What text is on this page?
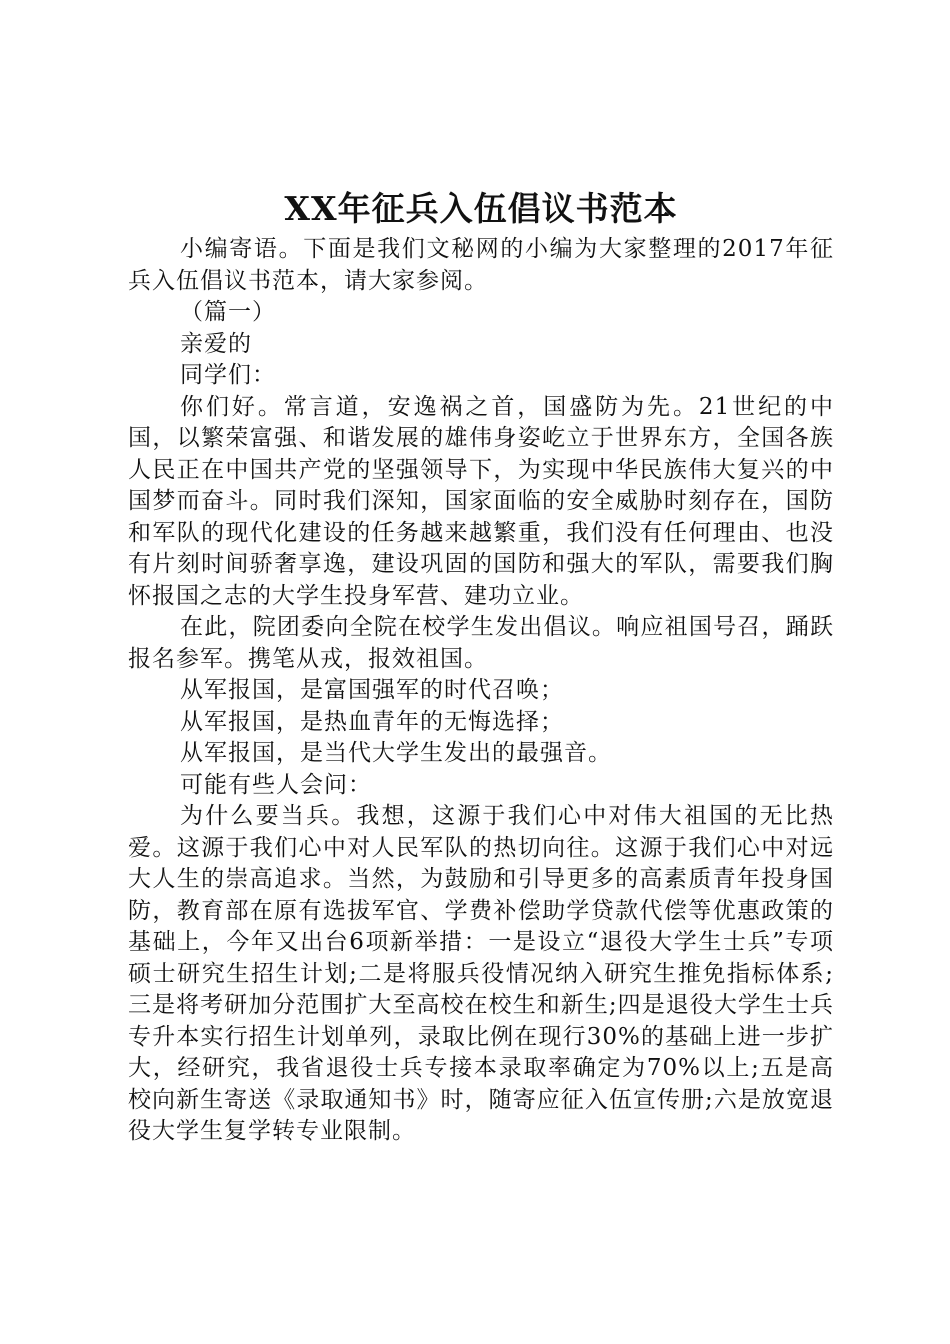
XX年征兵入伍倡议书范本

小编寄语。下面是我们文秘网的小编为大家整理的2017年征兵入伍倡议书范本，请大家参阅。

（篇一）

亲爱的

同学们：

你们好。常言道，安逸祸之首，国盛防为先。21世纪的中国，以繁荣富强、和谐发展的雄伟身姿屹立于世界东方，全国各族人民正在中国共产党的坚强领导下，为实现中华民族伟大复兴的中国梦而奋斗。同时我们深知，国家面临的安全威胁时刻存在，国防和军队的现代化建设的任务越来越繁重，我们没有任何理由、也没有片刻时间骄奢享逸，建设巩固的国防和强大的军队，需要我们胸怀报国之志的大学生投身军营、建功立业。

在此，院团委向全院在校学生发出倡议。响应祖国号召，踊跃报名参军。携笔从戎，报效祖国。

从军报国，是富国强军的时代召唤；

从军报国，是热血青年的无悔选择；

从军报国，是当代大学生发出的最强音。

可能有些人会问：

为什么要当兵。我想，这源于我们心中对伟大祖国的无比热爱。这源于我们心中对人民军队的热切向往。这源于我们心中对远大人生的崇高追求。当然，为鼓励和引导更多的高素质青年投身国防，教育部在原有选拔军官、学费补偿助学贷款代偿等优惠政策的基础上，今年又出台6项新举措：一是设立“退役大学生士兵”专项硕士研究生招生计划;二是将服兵役情况纳入研究生推免指标体系;三是将考研加分范围扩大至高校在校生和新生;四是退役大学生士兵专升本实行招生计划单列，录取比例在现行30%的基础上进一步扩大，经研究，我省退役士兵专接本录取率确定为70%以上;五是高校向新生寄送《录取通知书》时，随寄应征入伍宣传册;六是放宽退役大学生复学转专业限制。
